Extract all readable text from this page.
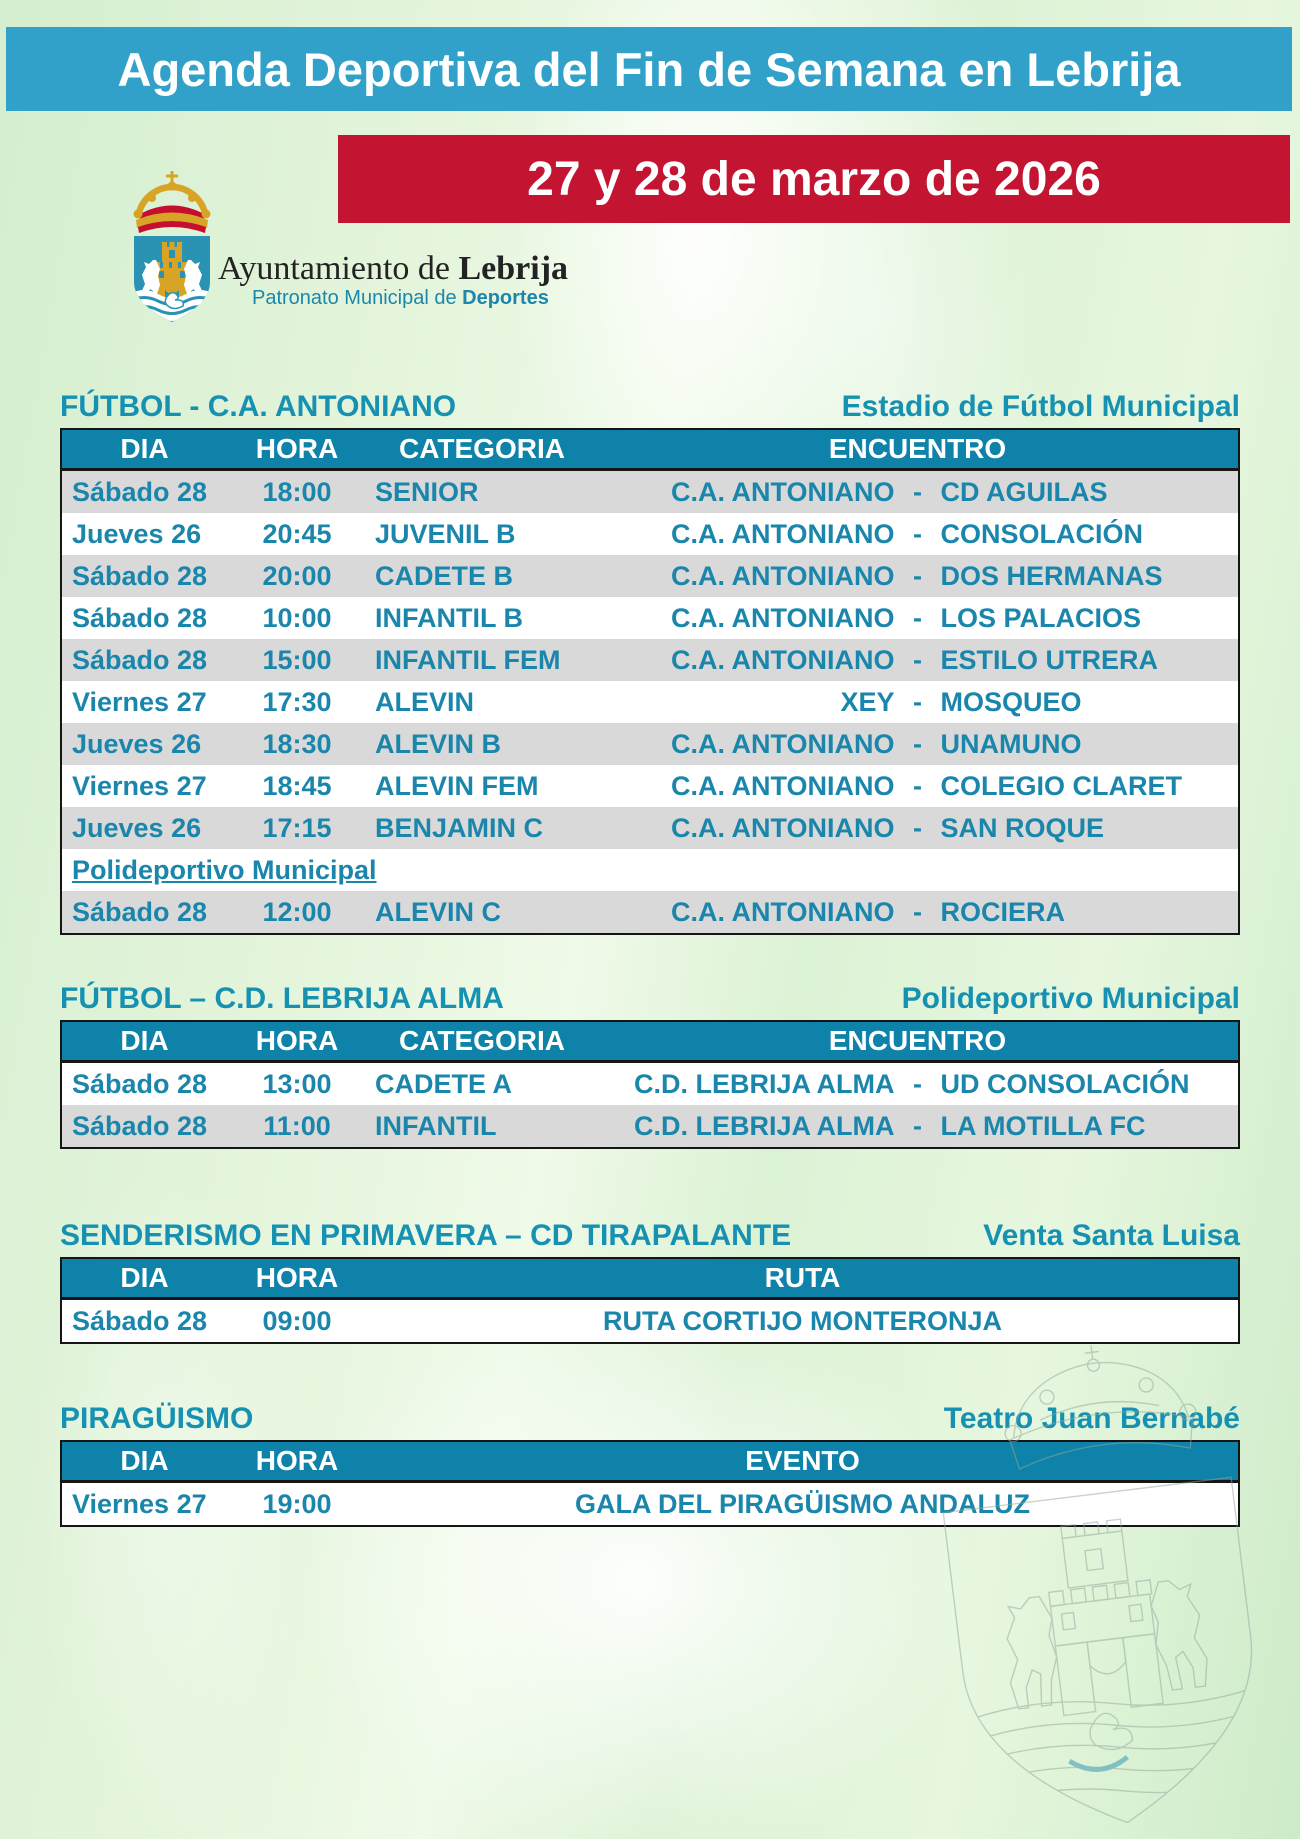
Agenda Deportiva del Fin de Semana en Lebrija
27 y 28 de marzo de 2026
Ayuntamiento de Lebrija
Patronato Municipal de Deportes
FÚTBOL - C.A. ANTONIANO	Estadio de Fútbol Municipal
DIA	HORA	CATEGORIA	ENCUENTRO
Sábado 28	18:00	SENIOR	C.A. ANTONIANO - CD AGUILAS
Jueves 26	20:45	JUVENIL B	C.A. ANTONIANO - CONSOLACIÓN
Sábado 28	20:00	CADETE B	C.A. ANTONIANO - DOS HERMANAS
Sábado 28	10:00	INFANTIL B	C.A. ANTONIANO - LOS PALACIOS
Sábado 28	15:00	INFANTIL FEM	C.A. ANTONIANO - ESTILO UTRERA
Viernes 27	17:30	ALEVIN	XEY - MOSQUEO
Jueves 26	18:30	ALEVIN B	C.A. ANTONIANO - UNAMUNO
Viernes 27	18:45	ALEVIN FEM	C.A. ANTONIANO - COLEGIO CLARET
Jueves 26	17:15	BENJAMIN C	C.A. ANTONIANO - SAN ROQUE
Polideportivo Municipal
Sábado 28	12:00	ALEVIN C	C.A. ANTONIANO - ROCIERA
FÚTBOL – C.D. LEBRIJA ALMA	Polideportivo Municipal
DIA	HORA	CATEGORIA	ENCUENTRO
Sábado 28	13:00	CADETE A	C.D. LEBRIJA ALMA - UD CONSOLACIÓN
Sábado 28	11:00	INFANTIL	C.D. LEBRIJA ALMA - LA MOTILLA FC
SENDERISMO EN PRIMAVERA – CD TIRAPALANTE	Venta Santa Luisa
DIA	HORA	RUTA
Sábado 28	09:00	RUTA CORTIJO MONTERONJA
PIRAGÜISMO	Teatro Juan Bernabé
DIA	HORA	EVENTO
Viernes 27	19:00	GALA DEL PIRAGÜISMO ANDALUZ
